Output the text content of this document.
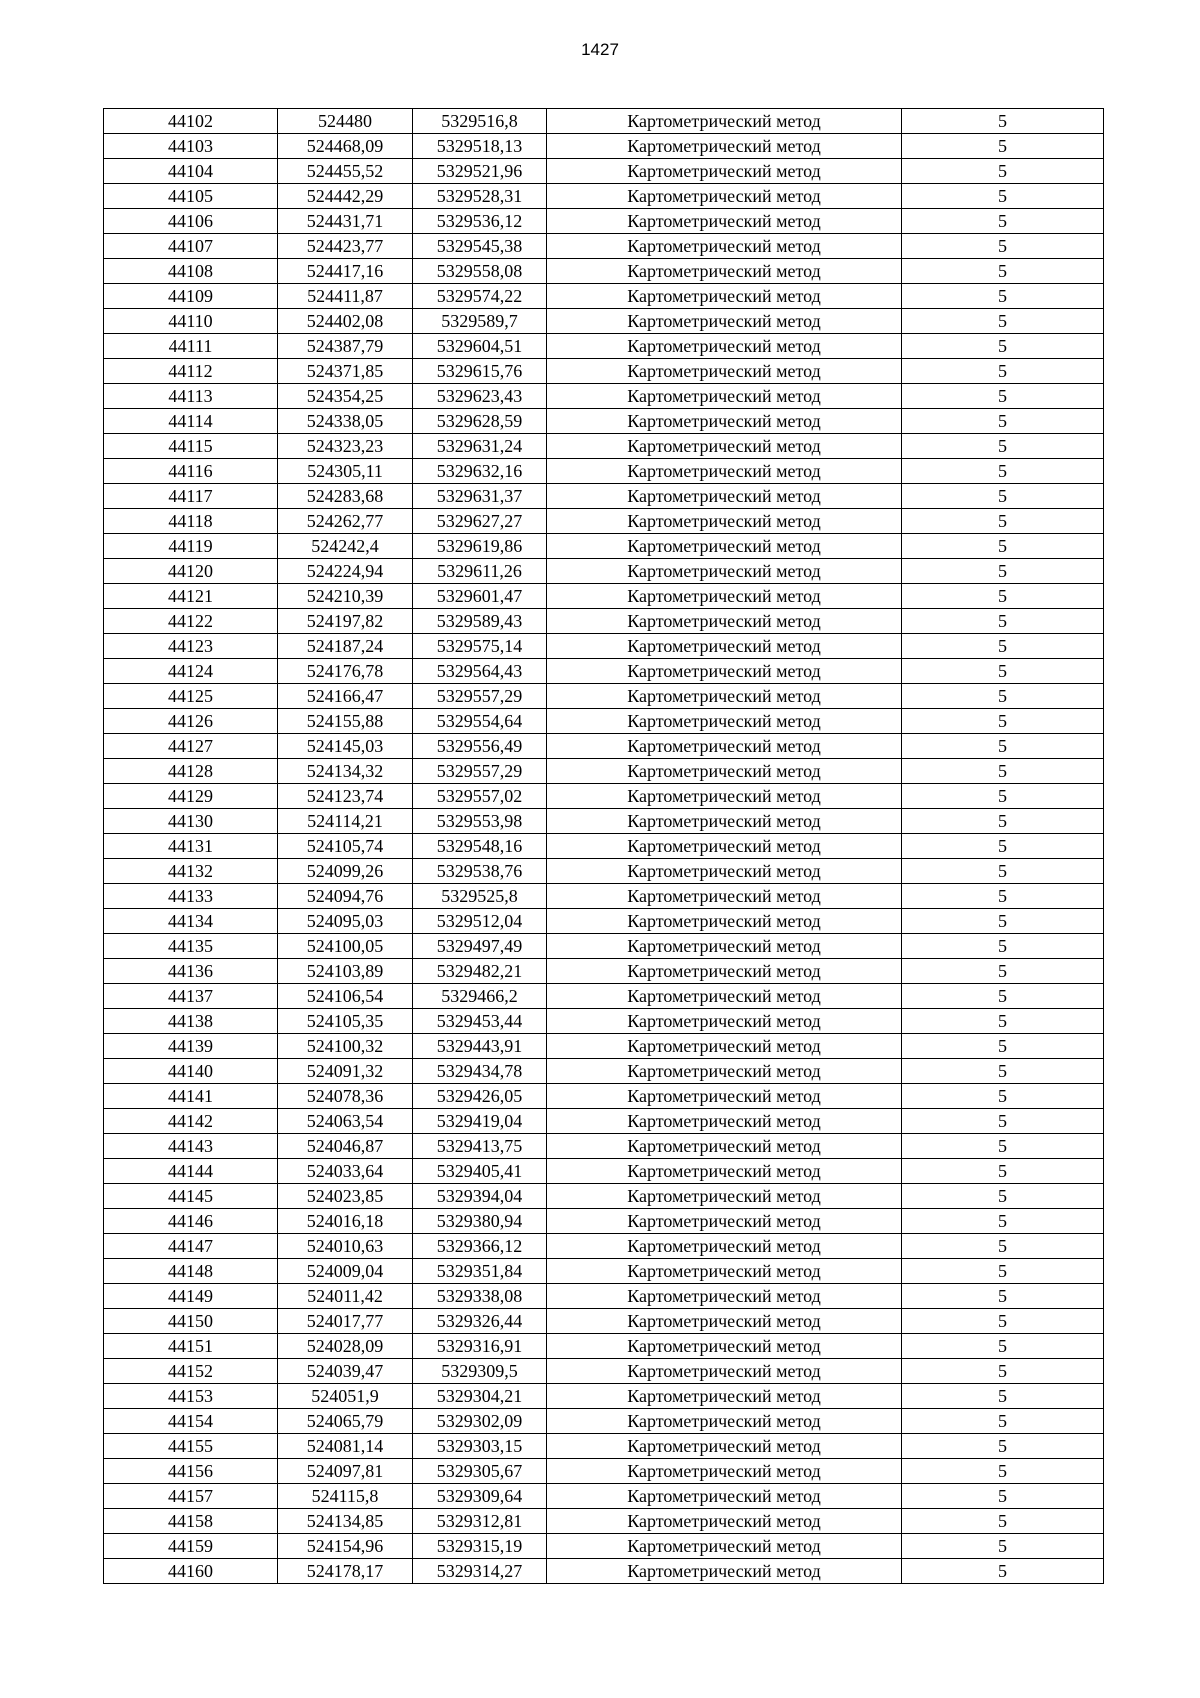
1427
44102	524480	5329516,8	Картометрический метод	5
44103	524468,09	5329518,13	Картометрический метод	5
44104	524455,52	5329521,96	Картометрический метод	5
44105	524442,29	5329528,31	Картометрический метод	5
44106	524431,71	5329536,12	Картометрический метод	5
44107	524423,77	5329545,38	Картометрический метод	5
44108	524417,16	5329558,08	Картометрический метод	5
44109	524411,87	5329574,22	Картометрический метод	5
44110	524402,08	5329589,7	Картометрический метод	5
44111	524387,79	5329604,51	Картометрический метод	5
44112	524371,85	5329615,76	Картометрический метод	5
44113	524354,25	5329623,43	Картометрический метод	5
44114	524338,05	5329628,59	Картометрический метод	5
44115	524323,23	5329631,24	Картометрический метод	5
44116	524305,11	5329632,16	Картометрический метод	5
44117	524283,68	5329631,37	Картометрический метод	5
44118	524262,77	5329627,27	Картометрический метод	5
44119	524242,4	5329619,86	Картометрический метод	5
44120	524224,94	5329611,26	Картометрический метод	5
44121	524210,39	5329601,47	Картометрический метод	5
44122	524197,82	5329589,43	Картометрический метод	5
44123	524187,24	5329575,14	Картометрический метод	5
44124	524176,78	5329564,43	Картометрический метод	5
44125	524166,47	5329557,29	Картометрический метод	5
44126	524155,88	5329554,64	Картометрический метод	5
44127	524145,03	5329556,49	Картометрический метод	5
44128	524134,32	5329557,29	Картометрический метод	5
44129	524123,74	5329557,02	Картометрический метод	5
44130	524114,21	5329553,98	Картометрический метод	5
44131	524105,74	5329548,16	Картометрический метод	5
44132	524099,26	5329538,76	Картометрический метод	5
44133	524094,76	5329525,8	Картометрический метод	5
44134	524095,03	5329512,04	Картометрический метод	5
44135	524100,05	5329497,49	Картометрический метод	5
44136	524103,89	5329482,21	Картометрический метод	5
44137	524106,54	5329466,2	Картометрический метод	5
44138	524105,35	5329453,44	Картометрический метод	5
44139	524100,32	5329443,91	Картометрический метод	5
44140	524091,32	5329434,78	Картометрический метод	5
44141	524078,36	5329426,05	Картометрический метод	5
44142	524063,54	5329419,04	Картометрический метод	5
44143	524046,87	5329413,75	Картометрический метод	5
44144	524033,64	5329405,41	Картометрический метод	5
44145	524023,85	5329394,04	Картометрический метод	5
44146	524016,18	5329380,94	Картометрический метод	5
44147	524010,63	5329366,12	Картометрический метод	5
44148	524009,04	5329351,84	Картометрический метод	5
44149	524011,42	5329338,08	Картометрический метод	5
44150	524017,77	5329326,44	Картометрический метод	5
44151	524028,09	5329316,91	Картометрический метод	5
44152	524039,47	5329309,5	Картометрический метод	5
44153	524051,9	5329304,21	Картометрический метод	5
44154	524065,79	5329302,09	Картометрический метод	5
44155	524081,14	5329303,15	Картометрический метод	5
44156	524097,81	5329305,67	Картометрический метод	5
44157	524115,8	5329309,64	Картометрический метод	5
44158	524134,85	5329312,81	Картометрический метод	5
44159	524154,96	5329315,19	Картометрический метод	5
44160	524178,17	5329314,27	Картометрический метод	5
